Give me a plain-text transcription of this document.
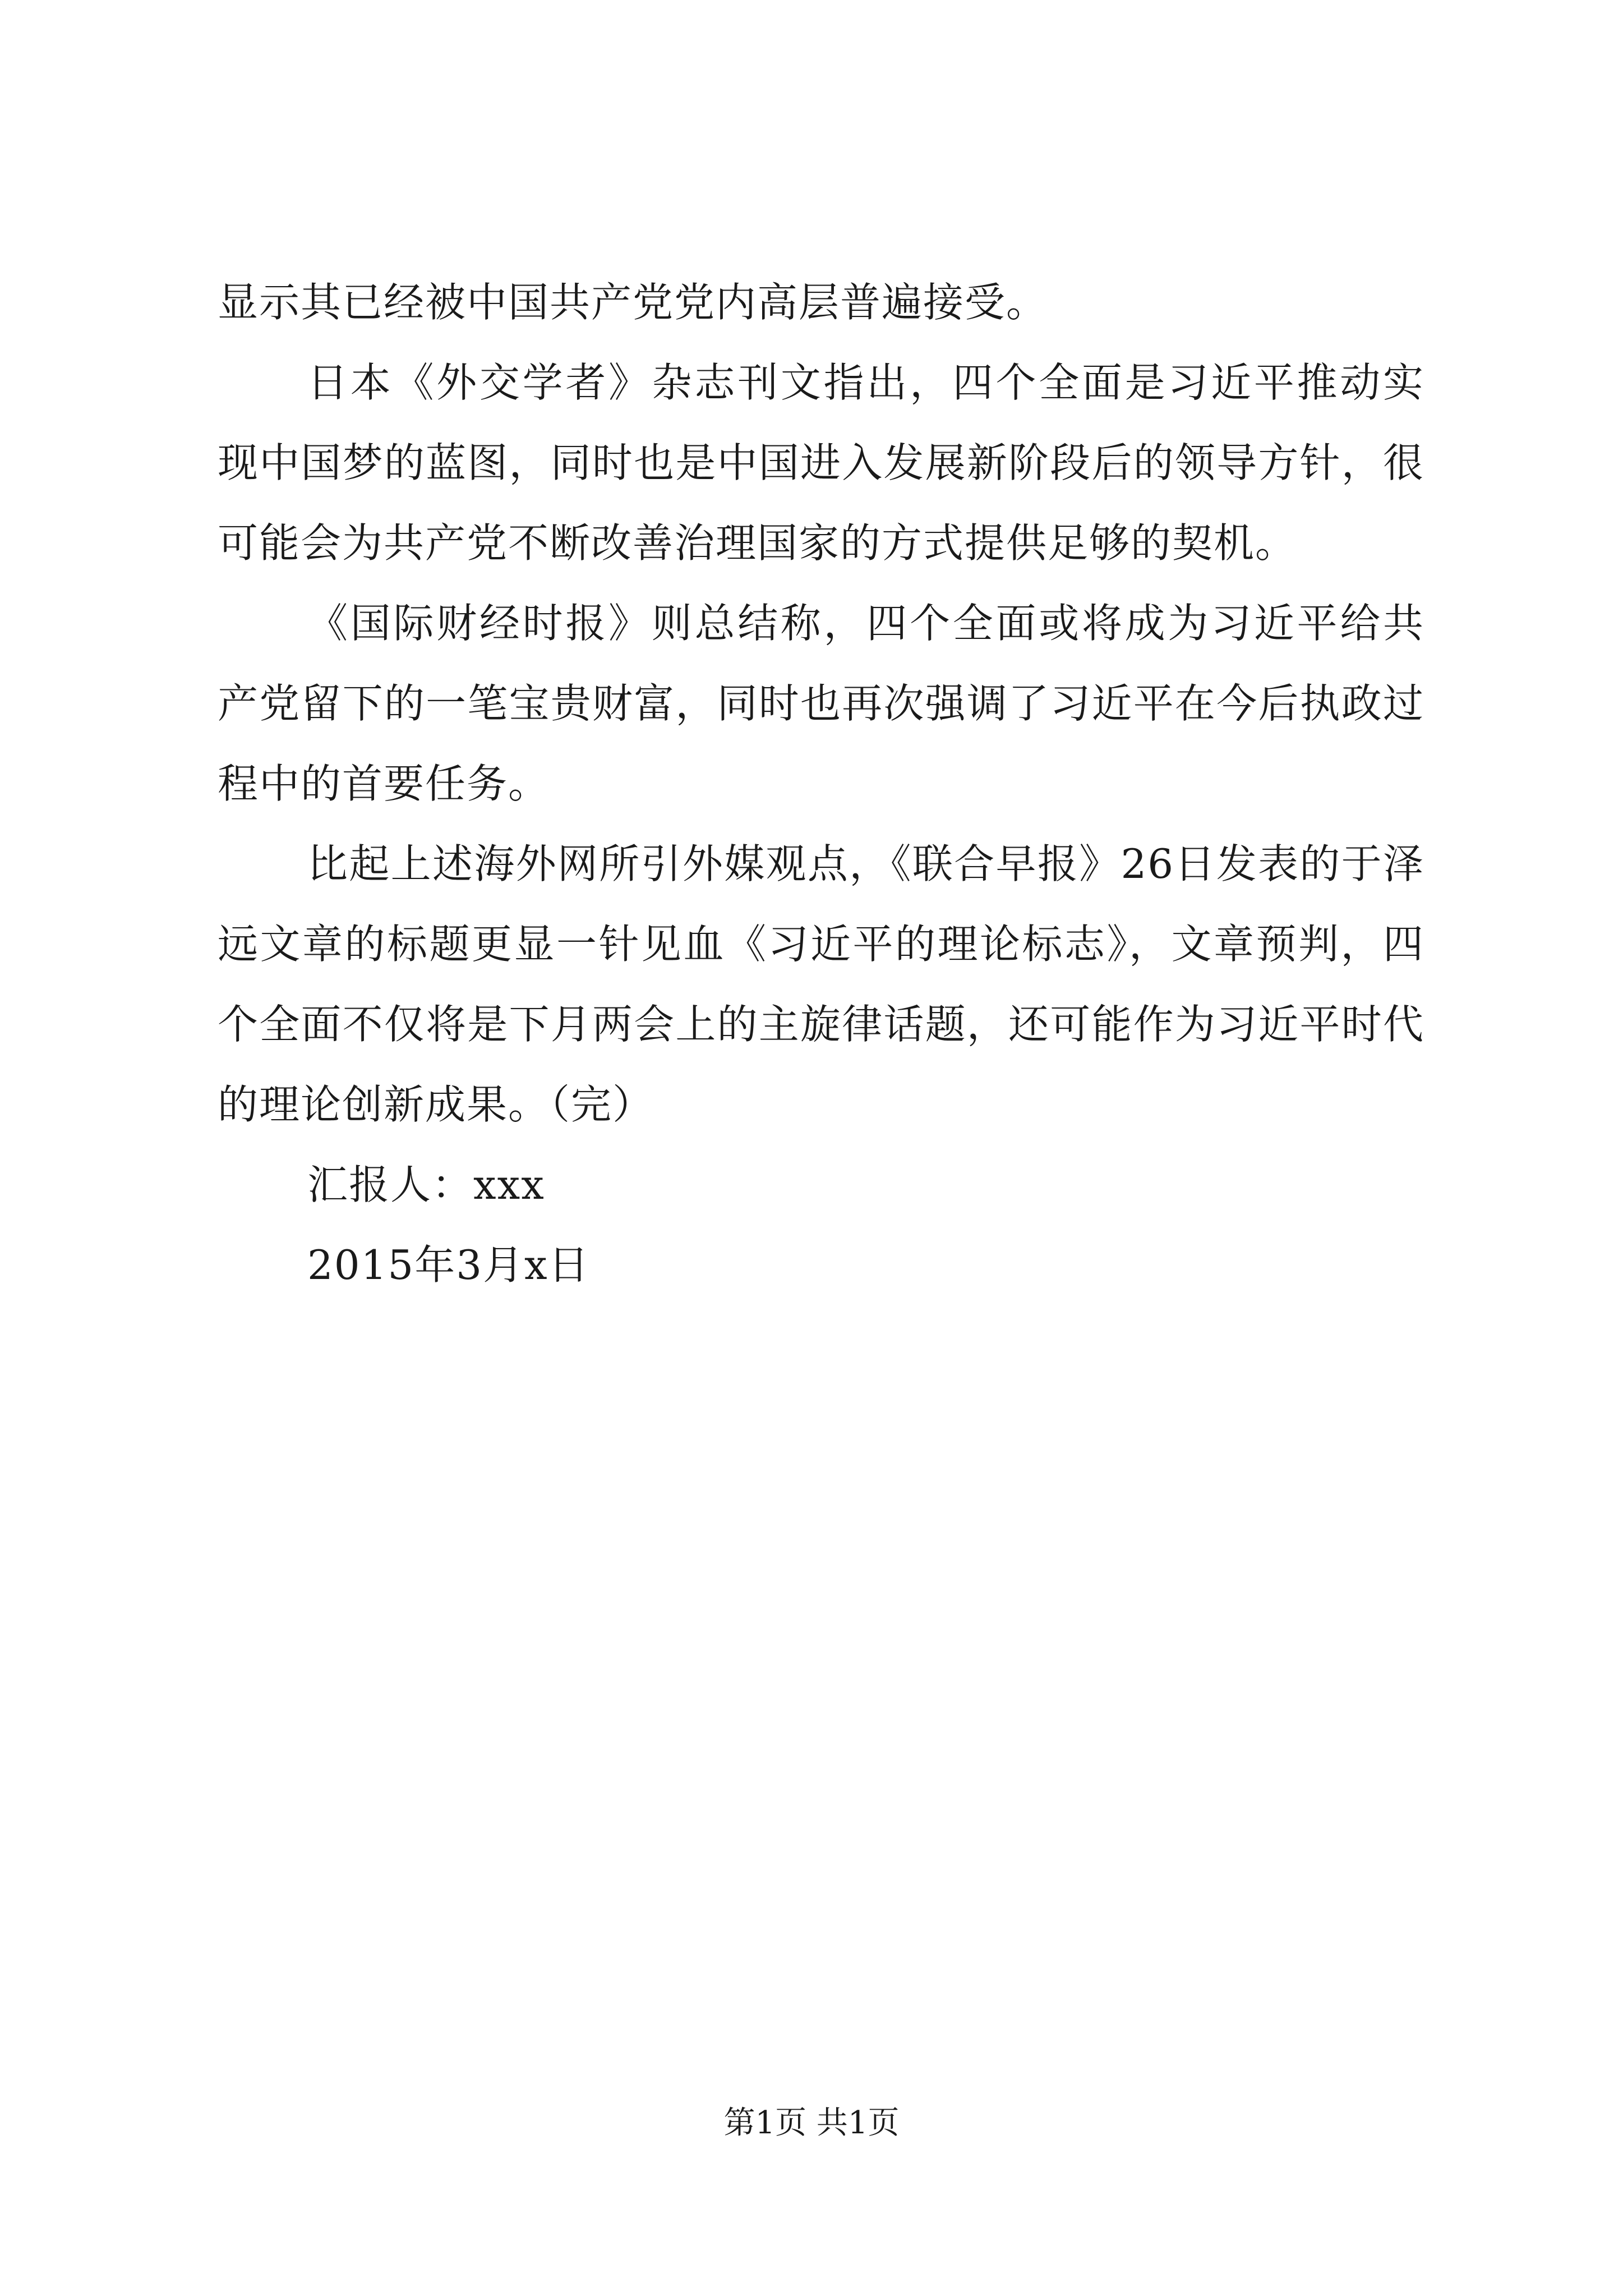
显示其已经被中国共产党党内高层普遍接受。

日本《外交学者》杂志刊文指出，四个全面是习近平推动实现中国梦的蓝图，同时也是中国进入发展新阶段后的领导方针，很可能会为共产党不断改善治理国家的方式提供足够的契机。

《国际财经时报》则总结称，四个全面或将成为习近平给共产党留下的一笔宝贵财富，同时也再次强调了习近平在今后执政过程中的首要任务。

比起上述海外网所引外媒观点，《联合早报》26日发表的于泽远文章的标题更显一针见血《习近平的理论标志》，文章预判，四个全面不仅将是下月两会上的主旋律话题，还可能作为习近平时代的理论创新成果。（完）

汇报人：xxx

2015年3月x日

第1页 共1页
